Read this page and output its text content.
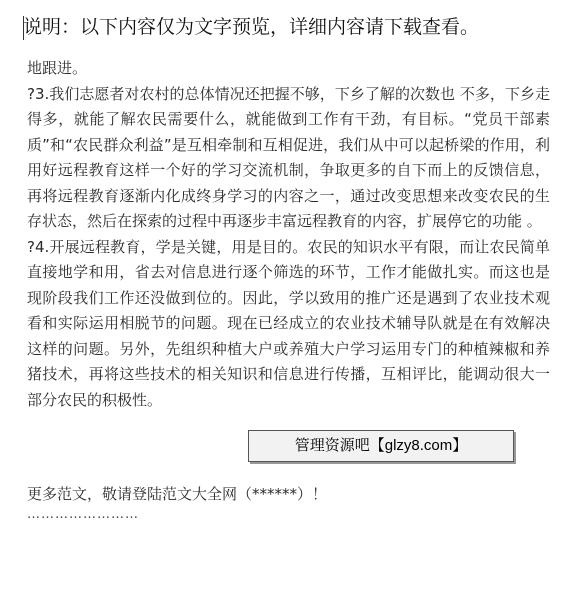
说明：以下内容仅为文字预览，详细内容请下载查看。

地跟进。

?3.我们志愿者对农村的总体情况还把握不够，下乡了解的次数也 不多，下乡走得多，就能了解农民需要什么，就能做到工作有干劲，有目标。“党员干部素质”和“农民群众利益”是互相牵制和互相促进，我们从中可以起桥梁的作用，利用好远程教育这样一个好的学习交流机制，争取更多的自下而上的反馈信息，再将远程教育逐渐内化成终身学习的内容之一，通过改变思想来改变农民的生存状态，然后在探索的过程中再逐步丰富远程教育的内容，扩展停它的功能 。

?4.开展远程教育，学是关键，用是目的。农民的知识水平有限，而让农民简单直接地学和用，省去对信息进行逐个筛选的环节，工作才能做扎实。而这也是现阶段我们工作还没做到位的。因此，学以致用的推广还是遇到了农业技术观看和实际运用相脱节的问题。现在已经成立的农业技术辅导队就是在有效解决这样的问题。另外，先组织种植大户或养殖大户学习运用专门的种植辣椒和养猪技术，再将这些技术的相关知识和信息进行传播，互相评比，能调动很大一部分农民的积极性。

更多范文，敬请登陆范文大全网（******）！
……………………
管理资源吧【glzy8.com】
